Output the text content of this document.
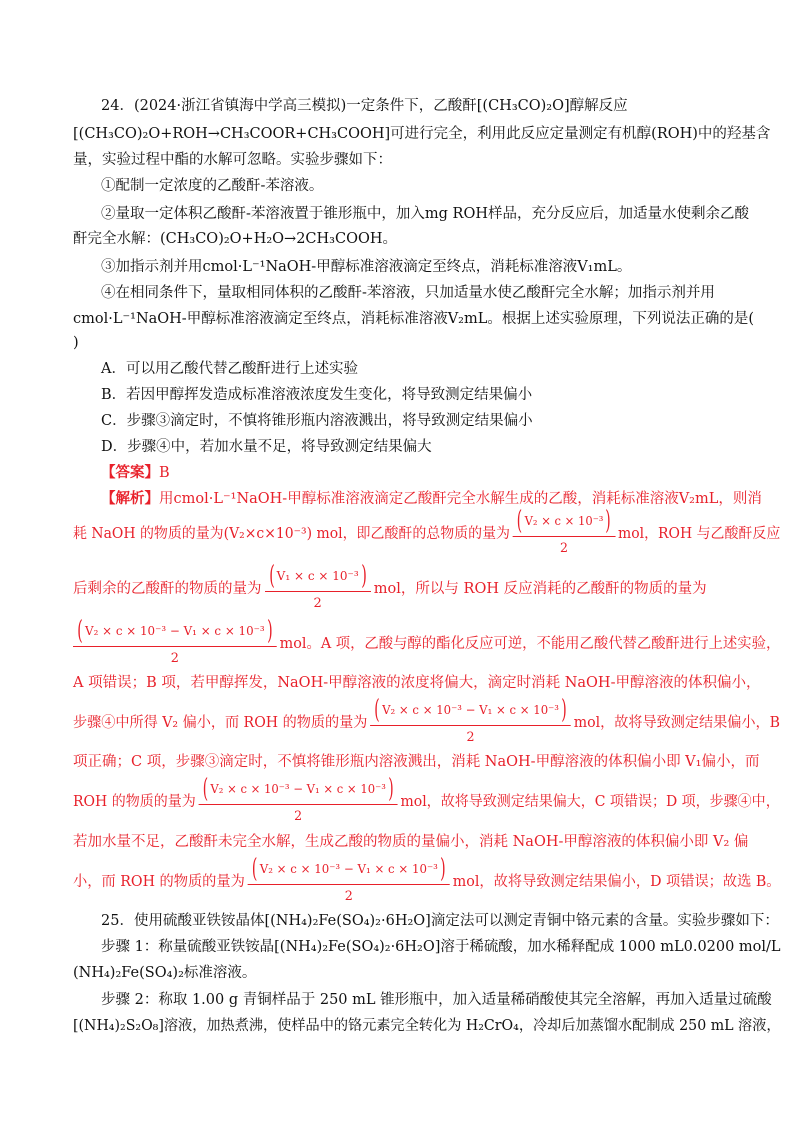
24．(2024·浙江省镇海中学高三模拟)一定条件下，乙酸酐[(CH₃CO)₂O]醇解反应
[(CH₃CO)₂O+ROH→CH₃COOR+CH₃COOH]可进行完全，利用此反应定量测定有机醇(ROH)中的羟基含
量，实验过程中酯的水解可忽略。实验步骤如下：
①配制一定浓度的乙酸酐-苯溶液。
②量取一定体积乙酸酐-苯溶液置于锥形瓶中，加入mg ROH样品，充分反应后，加适量水使剩余乙酸
酐完全水解：(CH₃CO)₂O+H₂O→2CH₃COOH。
③加指示剂并用cmol·L⁻¹NaOH-甲醇标准溶液滴定至终点，消耗标准溶液V₁mL。
④在相同条件下，量取相同体积的乙酸酐-苯溶液，只加适量水使乙酸酐完全水解；加指示剂并用
cmol·L⁻¹NaOH-甲醇标准溶液滴定至终点，消耗标准溶液V₂mL。根据上述实验原理，下列说法正确的是(
)
A．可以用乙酸代替乙酸酐进行上述实验
B．若因甲醇挥发造成标准溶液浓度发生变化，将导致测定结果偏小
C．步骤③滴定时，不慎将锥形瓶内溶液溅出，将导致测定结果偏小
D．步骤④中，若加水量不足，将导致测定结果偏大
【答案】B
【解析】用cmol·L⁻¹NaOH-甲醇标准溶液滴定乙酸酐完全水解生成的乙酸，消耗标准溶液V₂mL，则消
耗 NaOH 的物质的量为(V₂×c×10⁻³) mol，即乙酸酐的总物质的量为 $\frac{\text{( V₂ × c × 10⁻³ )}}{2}$ mol，ROH 与乙酸酐反应
后剩余的乙酸酐的物质的量为 $\frac{\text{( V₁ × c × 10⁻³ )}}{2}$ mol，所以与 ROH 反应消耗的乙酸酐的物质的量为
$\frac{\text{( V₂ × c × 10⁻³ − V₁ × c × 10⁻³ )}}{2}$ mol。A 项，乙酸与醇的酯化反应可逆，不能用乙酸代替乙酸酐进行上述实验，
A 项错误；B 项，若甲醇挥发，NaOH-甲醇溶液的浓度将偏大，滴定时消耗 NaOH-甲醇溶液的体积偏小，
步骤④中所得 V₂ 偏小，而 ROH 的物质的量为 $\frac{\text{( V₂ × c × 10⁻³ − V₁ × c × 10⁻³ )}}{2}$ mol，故将导致测定结果偏小，B
项正确；C 项，步骤③滴定时，不慎将锥形瓶内溶液溅出，消耗 NaOH-甲醇溶液的体积偏小即 V₁偏小，而
ROH 的物质的量为 $\frac{\text{( V₂ × c × 10⁻³ − V₁ × c × 10⁻³ )}}{2}$ mol，故将导致测定结果偏大，C 项错误；D 项，步骤④中，
若加水量不足，乙酸酐未完全水解，生成乙酸的物质的量偏小，消耗 NaOH-甲醇溶液的体积偏小即 V₂ 偏
小，而 ROH 的物质的量为 $\frac{\text{( V₂ × c × 10⁻³ − V₁ × c × 10⁻³ )}}{2}$ mol，故将导致测定结果偏小，D 项错误；故选 B。
25．使用硫酸亚铁铵晶体[(NH₄)₂Fe(SO₄)₂·6H₂O]滴定法可以测定青铜中铬元素的含量。实验步骤如下：
步骤 1：称量硫酸亚铁铵晶[(NH₄)₂Fe(SO₄)₂·6H₂O]溶于稀硫酸，加水稀释配成 1000 mL0.0200 mol/L
(NH₄)₂Fe(SO₄)₂标准溶液。
步骤 2：称取 1.00 g 青铜样品于 250 mL 锥形瓶中，加入适量稀硝酸使其完全溶解，再加入适量过硫酸
[(NH₄)₂S₂O₈]溶液，加热煮沸，使样品中的铬元素完全转化为 H₂CrO₄，冷却后加蒸馏水配制成 250 mL 溶液，
